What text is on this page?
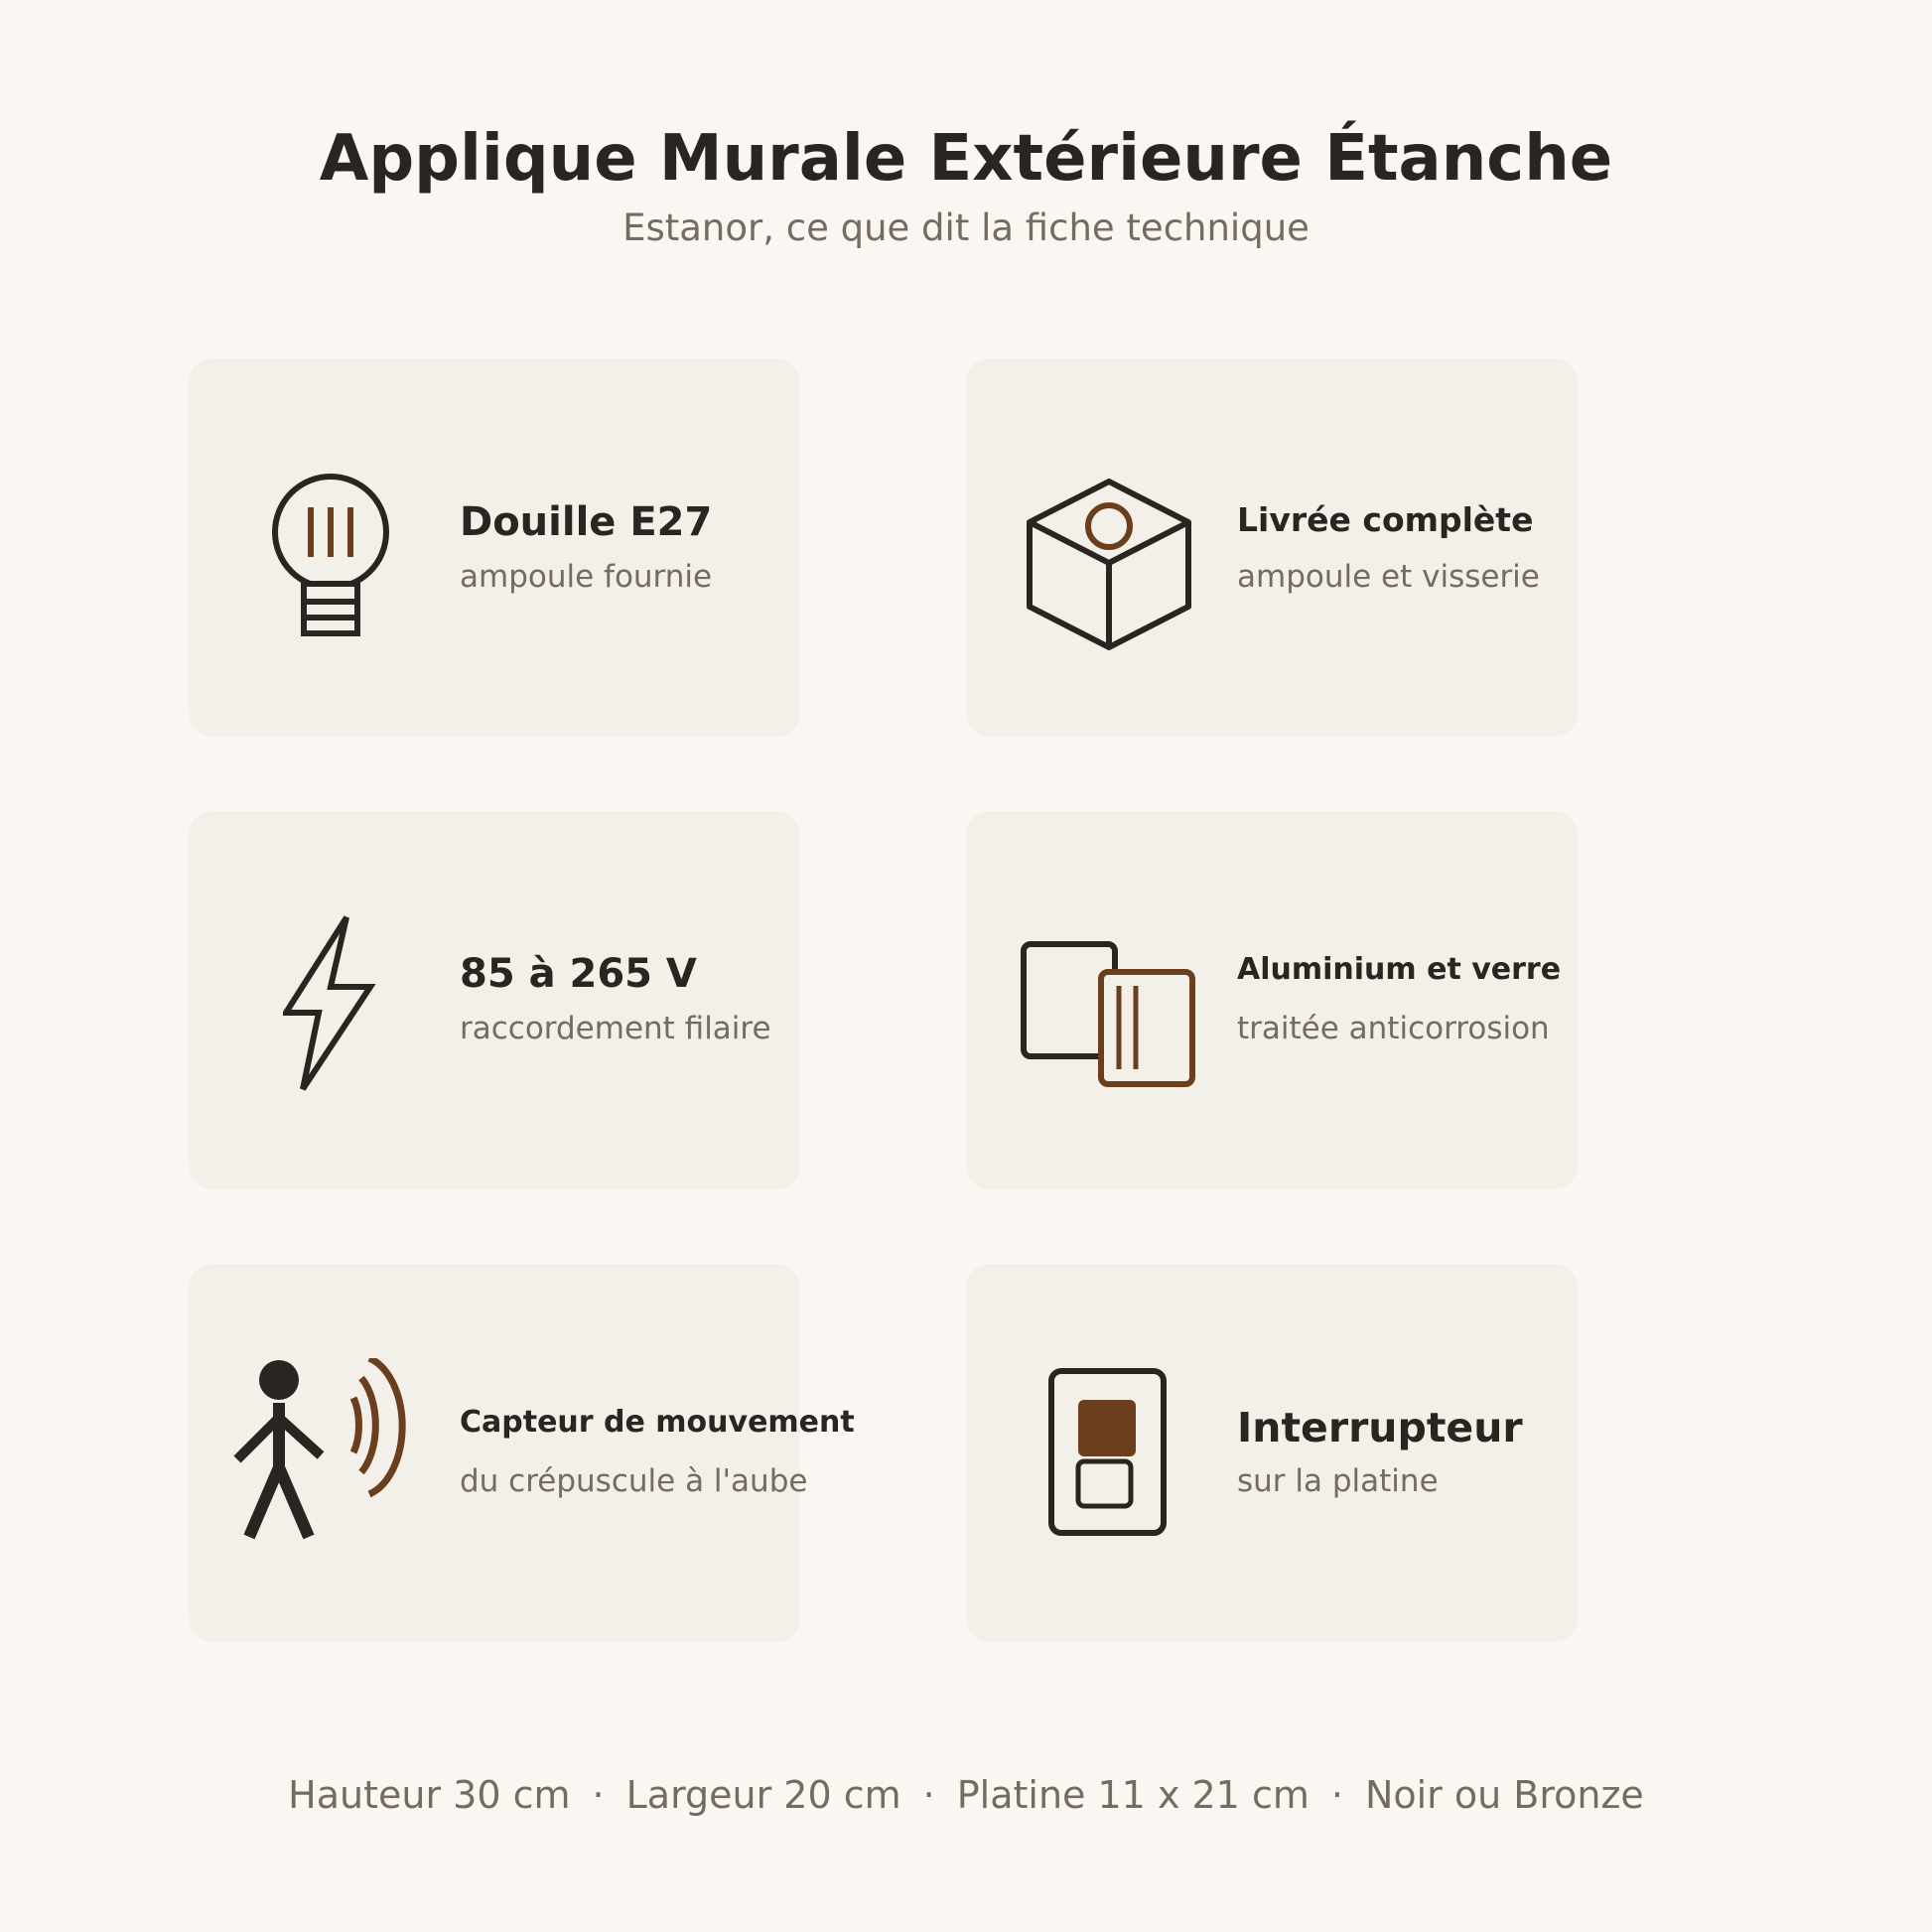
Applique Murale Extérieure Étanche
Estanor, ce que dit la fiche technique
Douille E27
ampoule fournie
Livrée complète
ampoule et visserie
85 à 265 V
raccordement filaire
Aluminium et verre
traitée anticorrosion
Capteur de mouvement
du crépuscule à l'aube
Interrupteur
sur la platine
Hauteur 30 cm · Largeur 20 cm · Platine 11 x 21 cm · Noir ou Bronze
